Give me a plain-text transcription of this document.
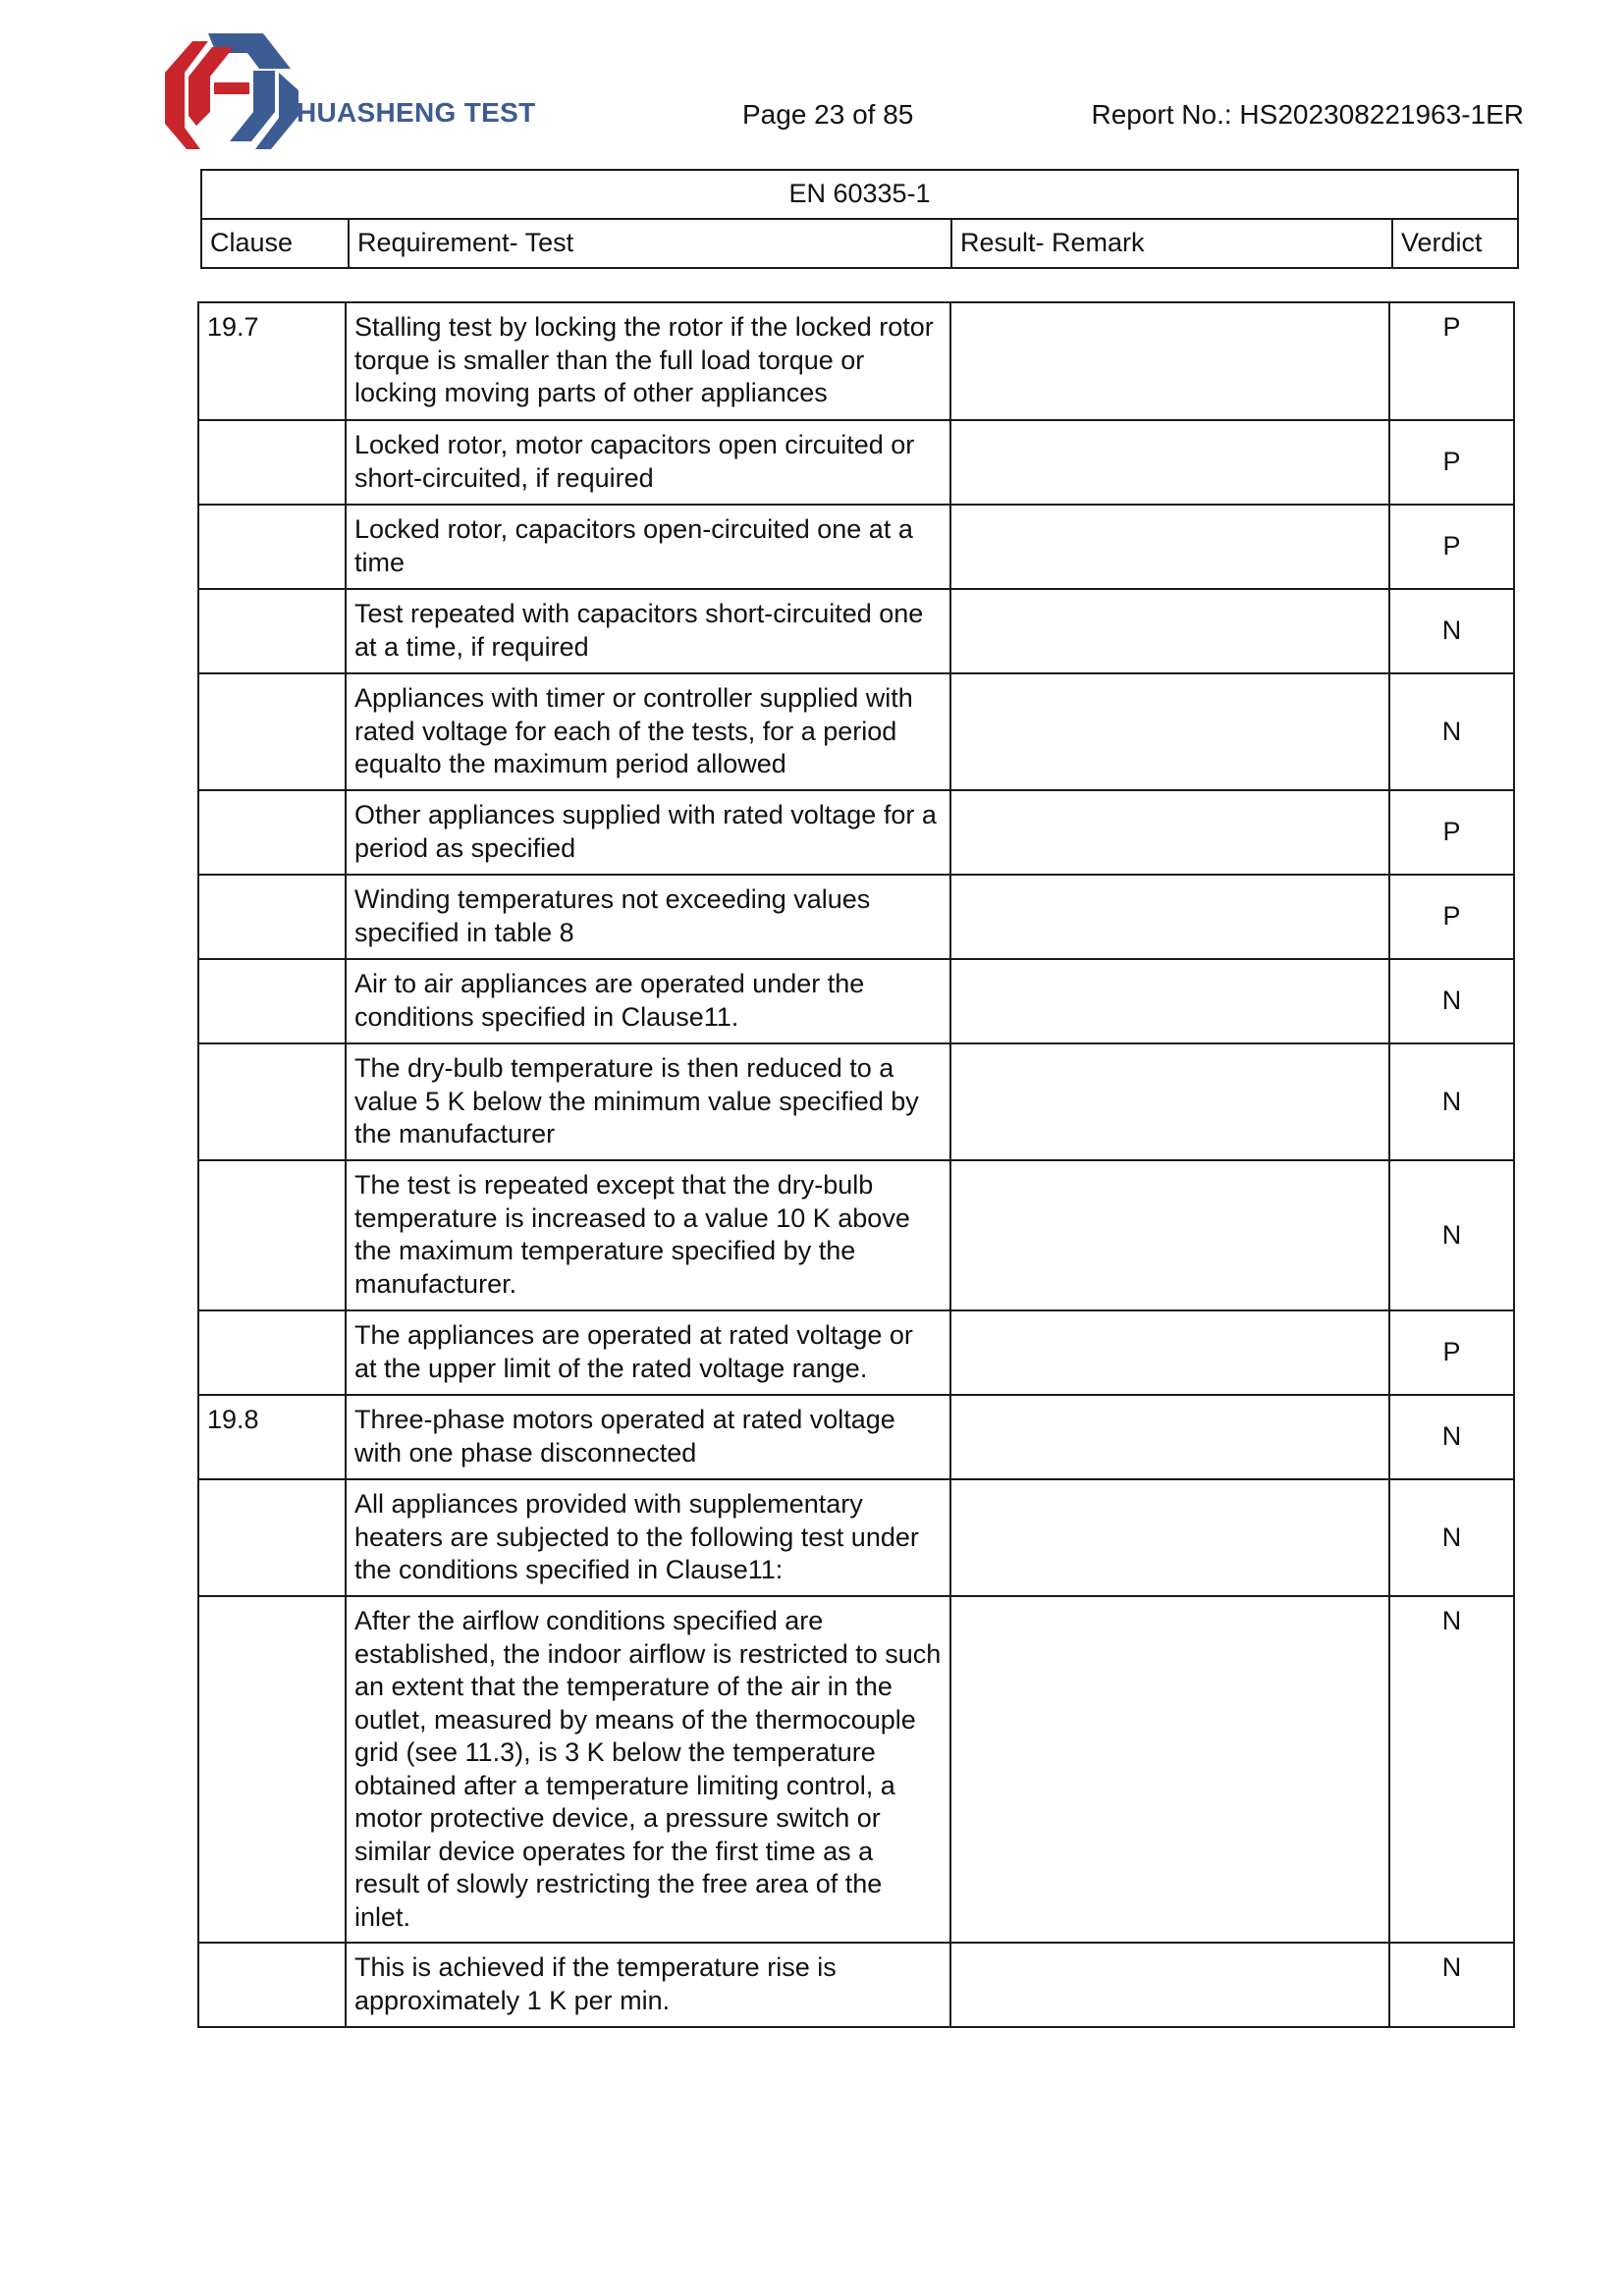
HUASHENG TEST	Page 23 of 85	Report No.: HS202308221963-1ER
EN 60335-1
Clause	Requirement- Test	Result- Remark	Verdict
19.7	Stalling test by locking the rotor if the locked rotor torque is smaller than the full load torque or locking moving parts of other appliances		P
	Locked rotor, motor capacitors open circuited or short-circuited, if required		P
	Locked rotor, capacitors open-circuited one at a time		P
	Test repeated with capacitors short-circuited one at a time, if required		N
	Appliances with timer or controller supplied with rated voltage for each of the tests, for a period equalto the maximum period allowed		N
	Other appliances supplied with rated voltage for a period as specified		P
	Winding temperatures not exceeding values specified in table 8		P
	Air to air appliances are operated under the conditions specified in Clause11.		N
	The dry-bulb temperature is then reduced to a value 5 K below the minimum value specified by the manufacturer		N
	The test is repeated except that the dry-bulb temperature is increased to a value 10 K above the maximum temperature specified by the manufacturer.		N
	The appliances are operated at rated voltage or at the upper limit of the rated voltage range.		P
19.8	Three-phase motors operated at rated voltage with one phase disconnected		N
	All appliances provided with supplementary heaters are subjected to the following test under the conditions specified in Clause11:		N
	After the airflow conditions specified are established, the indoor airflow is restricted to such an extent that the temperature of the air in the outlet, measured by means of the thermocouple grid (see 11.3), is 3 K below the temperature obtained after a temperature limiting control, a motor protective device, a pressure switch or similar device operates for the first time as a result of slowly restricting the free area of the inlet.		N
	This is achieved if the temperature rise is approximately 1 K per min.		N
